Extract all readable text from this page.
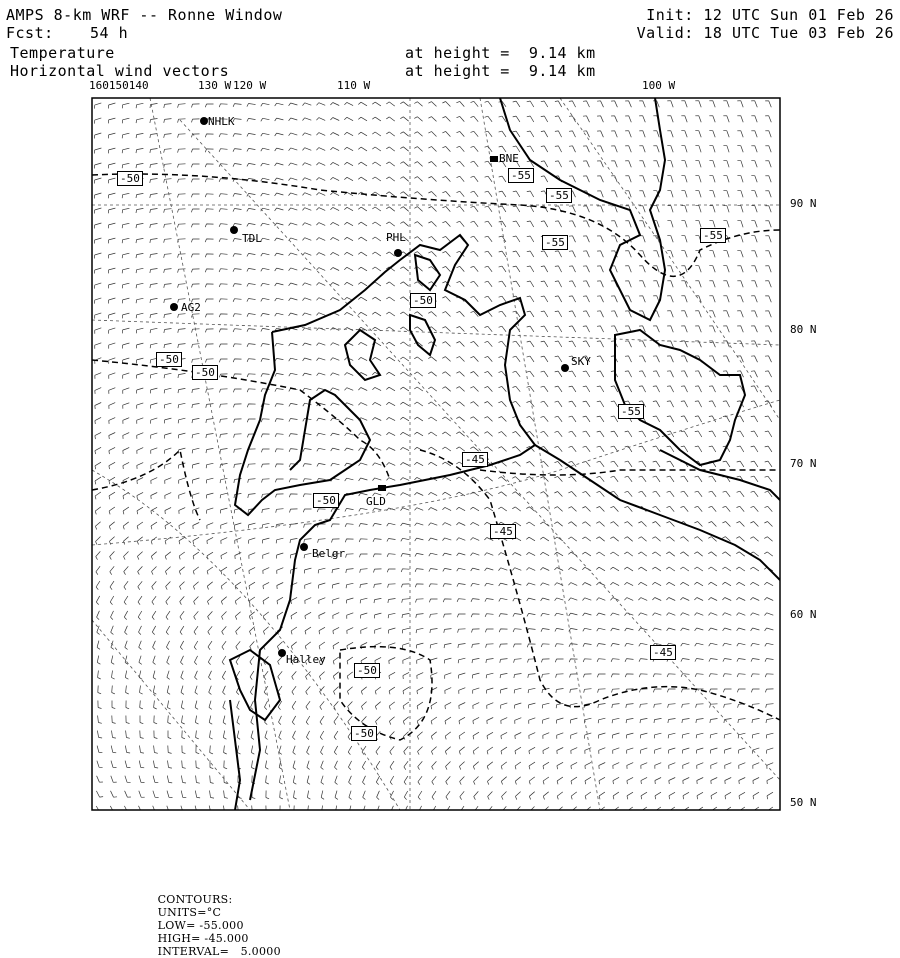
AMPS 8-km WRF -- Ronne Window
Fcst: 54 h
Temperature
Horizontal wind vectors
at height =  9.14 km
at height =  9.14 km
Init: 12 UTC Sun 01 Feb 26
Valid: 18 UTC Tue 03 Feb 26
160150140	130 W 120 W	110 W	100 W
90 N
80 N
70 N
60 N
50 N
NHLK
BNE
TDL	PHL
AG2
SKY
GLD
Belgr
Halley
-50	-55
-55
-55
-55
-50
-50
-50
-55
-45
-50
-45
-45
-50
-50

CONTOURS:
UNITS=°C
LOW= -55.000
HIGH= -45.000
INTERVAL=   5.0000
